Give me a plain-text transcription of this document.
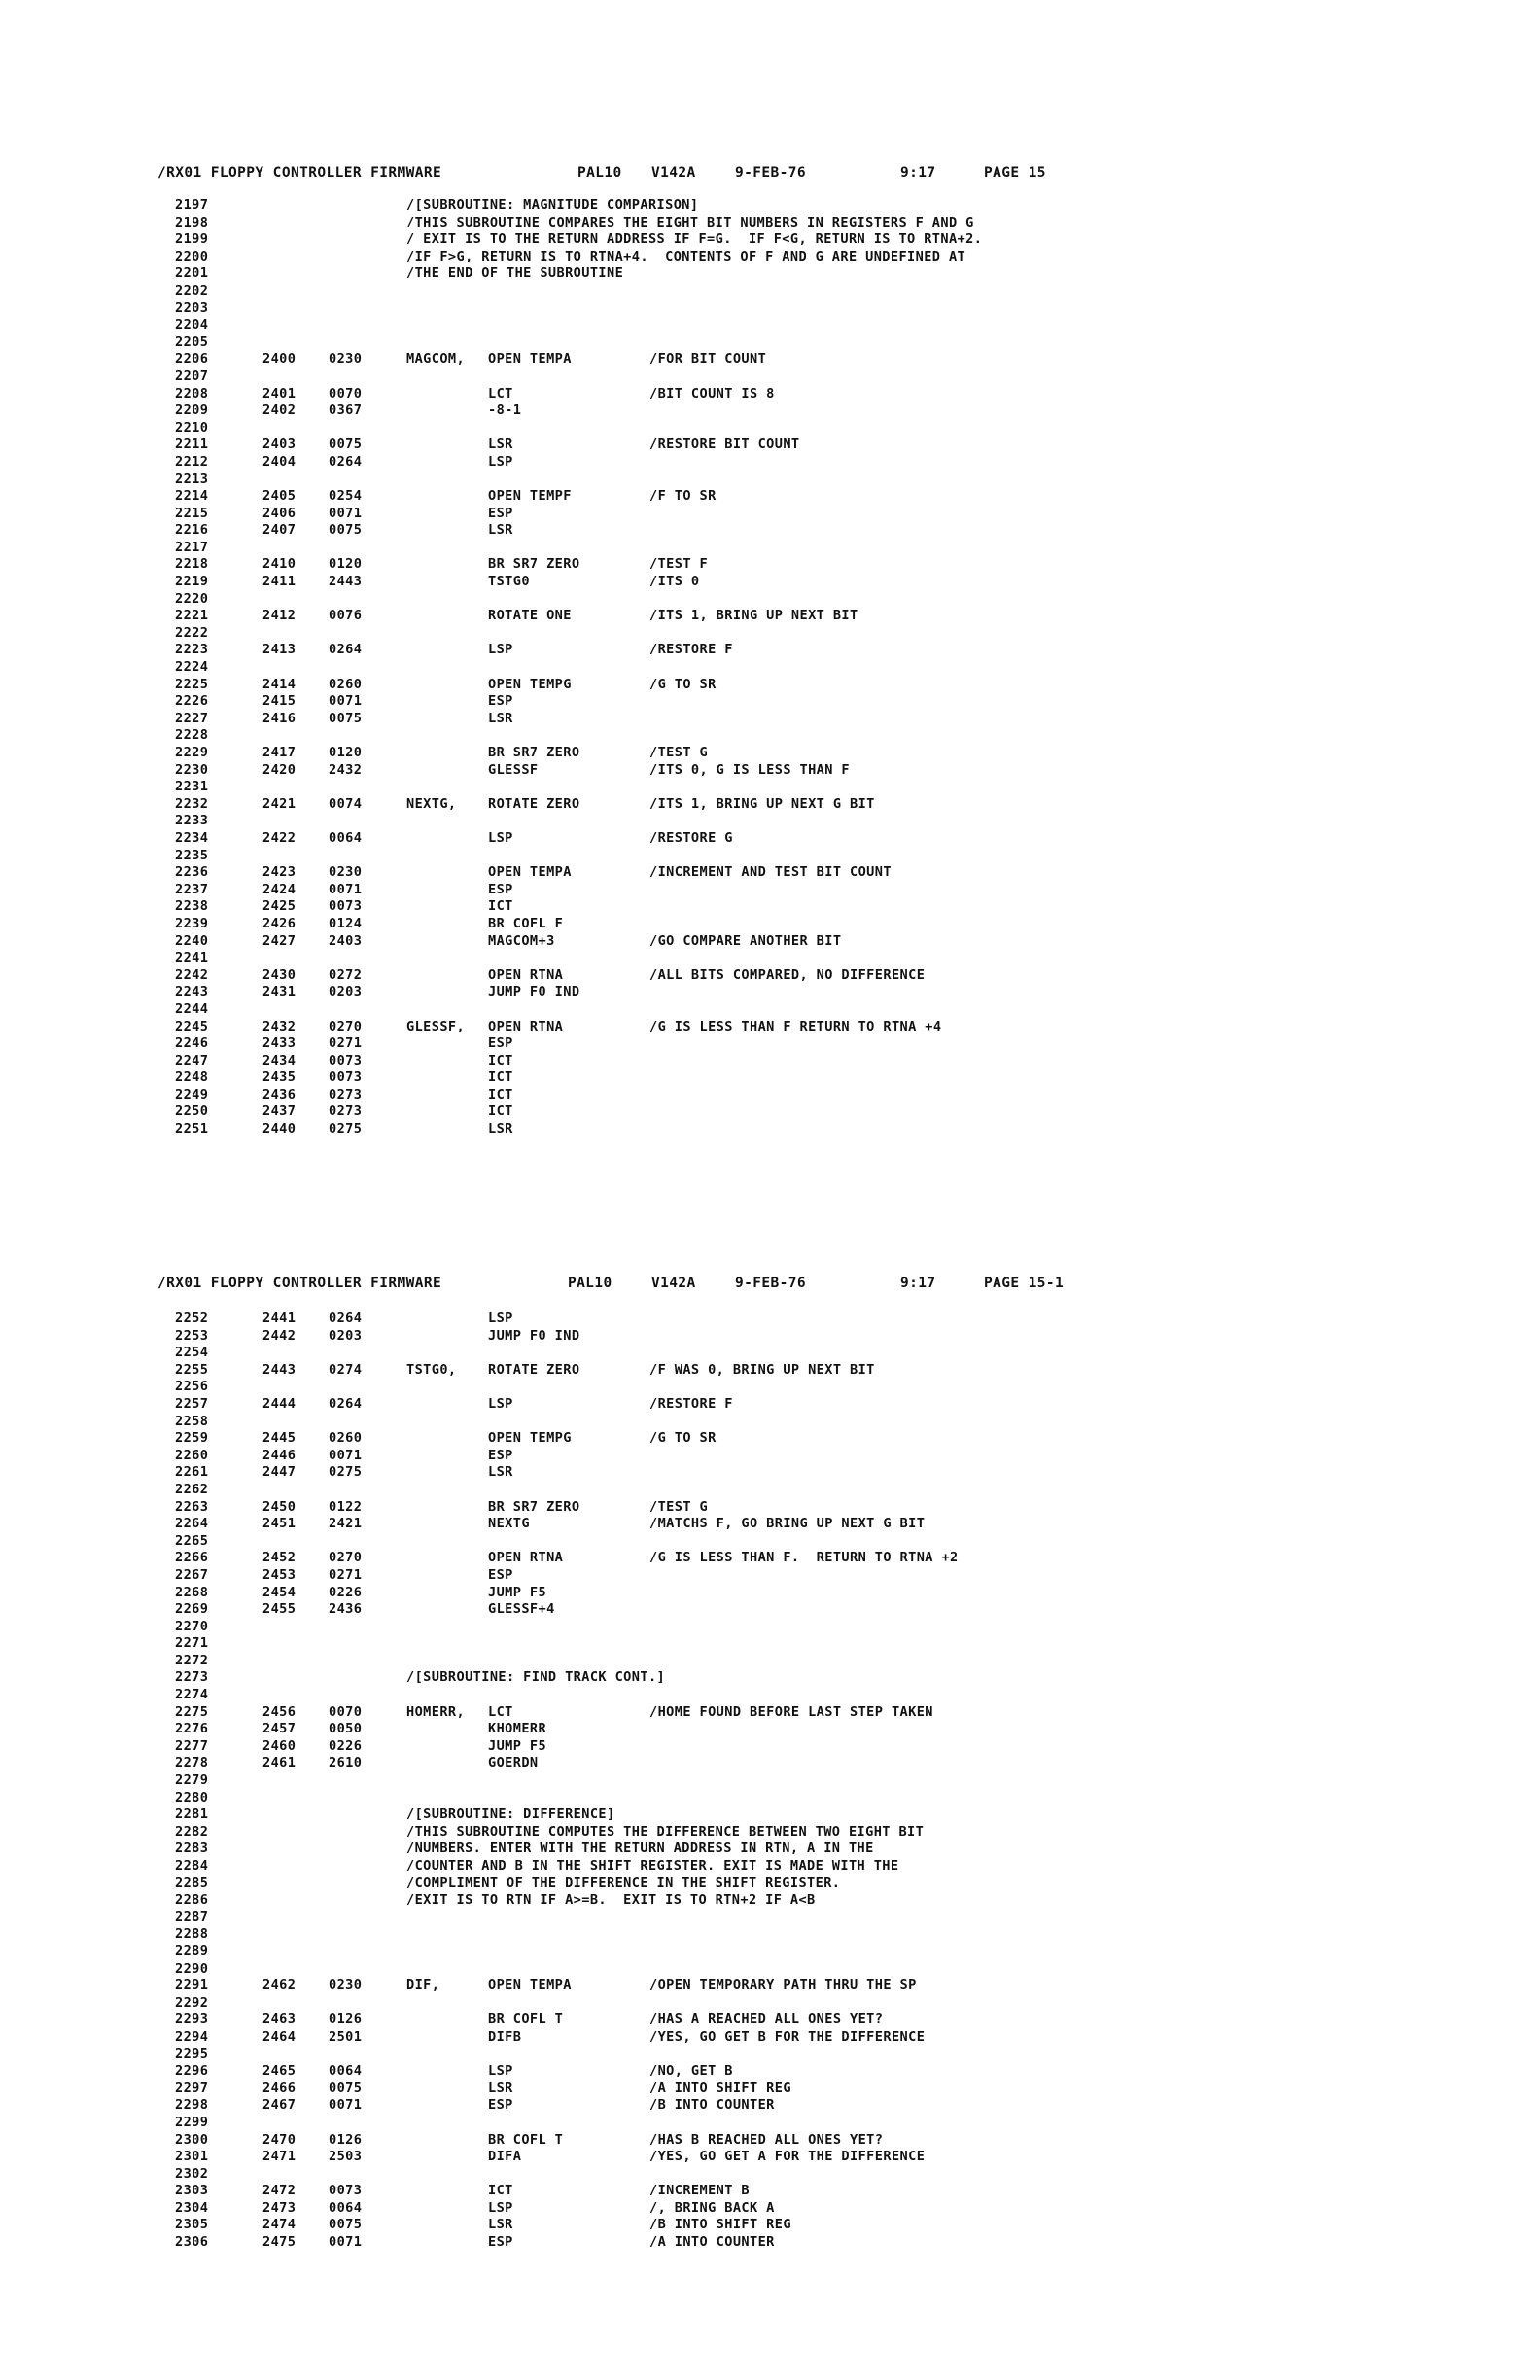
/RX01 FLOPPY CONTROLLER FIRMWARE

	PAL10

V142A

	9-FEB-76

	9:17

	PAGE 15

2197	/[SUBROUTINE: MAGNITUDE COMPARISON]
2198	/THIS SUBROUTINE COMPARES THE EIGHT BIT NUMBERS IN REGISTERS F AND G
2199	/ EXIT IS TO THE RETURN ADDRESS IF F=G.  IF F<G, RETURN IS TO RTNA+2.
2200	/IF F>G, RETURN IS TO RTNA+4.  CONTENTS OF F AND G ARE UNDEFINED AT
2201	/THE END OF THE SUBROUTINE
2202
2203
2204
2205
2206	2400 0230	MAGCOM, OPEN TEMPA	/FOR BIT COUNT
2207
2208	2401 0070	LCT	/BIT COUNT IS 8
2209	2402 0367	-8-1
2210
2211	2403 0075	LSR	/RESTORE BIT COUNT
2212	2404 0264	LSP
2213
2214	2405 0254	OPEN TEMPF	/F TO SR
2215	2406 0071	ESP
2216	2407 0075	LSR
2217
2218	2410 0120	BR SR7 ZERO	/TEST F
2219	2411 2443	TSTG0	/ITS 0
2220
2221	2412 0076	ROTATE ONE	/ITS 1, BRING UP NEXT BIT
2222
2223	2413 0264	LSP	/RESTORE F
2224
2225	2414 0260	OPEN TEMPG	/G TO SR
2226	2415 0071	ESP
2227	2416 0075	LSR
2228
2229	2417 0120	BR SR7 ZERO	/TEST G
2230	2420 2432	GLESSF	/ITS 0, G IS LESS THAN F
2231
2232	2421 0074	NEXTG, ROTATE ZERO	/ITS 1, BRING UP NEXT G BIT
2233
2234	2422 0064	LSP	/RESTORE G
2235
2236	2423 0230	OPEN TEMPA	/INCREMENT AND TEST BIT COUNT
2237	2424 0071	ESP
2238	2425 0073	ICT
2239	2426 0124	BR COFL F
2240	2427 2403	MAGCOM+3	/GO COMPARE ANOTHER BIT
2241
2242	2430 0272	OPEN RTNA	/ALL BITS COMPARED, NO DIFFERENCE
2243	2431 0203	JUMP F0 IND
2244
2245	2432 0270	GLESSF, OPEN RTNA	/G IS LESS THAN F RETURN TO RTNA +4
2246	2433 0271	ESP
2247	2434 0073	ICT
2248	2435 0073	ICT
2249	2436 0273	ICT
2250	2437 0273	ICT
2251	2440 0275	LSR

/RX01 FLOPPY CONTROLLER FIRMWARE

	PAL10

	V142A

	9-FEB-76

	9:17

	PAGE 15-1

2252	2441 0264	LSP
2253	2442 0203	JUMP F0 IND
2254
2255	2443 0274	TSTG0, ROTATE ZERO	/F WAS 0, BRING UP NEXT BIT
2256
2257	2444 0264	LSP	/RESTORE F
2258
2259	2445 0260	OPEN TEMPG	/G TO SR
2260	2446 0071	ESP
2261	2447 0275	LSR
2262
2263	2450 0122	BR SR7 ZERO	/TEST G
2264	2451 2421	NEXTG	/MATCHS F, GO BRING UP NEXT G BIT
2265
2266	2452 0270	OPEN RTNA	/G IS LESS THAN F.  RETURN TO RTNA +2
2267	2453 0271	ESP
2268	2454 0226	JUMP F5
2269	2455 2436	GLESSF+4
2270
2271
2272
2273	/[SUBROUTINE: FIND TRACK CONT.]
2274
2275	2456 0070	HOMERR, LCT	/HOME FOUND BEFORE LAST STEP TAKEN
2276	2457 0050	KHOMERR
2277	2460 0226	JUMP F5
2278	2461 2610	GOERDN
2279
2280
2281	/[SUBROUTINE: DIFFERENCE]
2282	/THIS SUBROUTINE COMPUTES THE DIFFERENCE BETWEEN TWO EIGHT BIT
2283	/NUMBERS. ENTER WITH THE RETURN ADDRESS IN RTN, A IN THE
2284	/COUNTER AND B IN THE SHIFT REGISTER. EXIT IS MADE WITH THE
2285	/COMPLIMENT OF THE DIFFERENCE IN THE SHIFT REGISTER.
2286	/EXIT IS TO RTN IF A>=B.  EXIT IS TO RTN+2 IF A<B
2287
2288
2289
2290
2291	2462 0230	DIF,	OPEN TEMPA	/OPEN TEMPORARY PATH THRU THE SP
2292
2293	2463 0126	BR COFL T	/HAS A REACHED ALL ONES YET?
2294	2464 2501	DIFB	/YES, GO GET B FOR THE DIFFERENCE
2295
2296	2465 0064	LSP	/NO, GET B
2297	2466 0075	LSR	/A INTO SHIFT REG
2298	2467 0071	ESP	/B INTO COUNTER
2299
2300	2470 0126	BR COFL T	/HAS B REACHED ALL ONES YET?
2301	2471 2503	DIFA	/YES, GO GET A FOR THE DIFFERENCE
2302
2303	2472 0073	ICT	/INCREMENT B
2304	2473 0064	LSP	/, BRING BACK A
2305	2474 0075	LSR	/B INTO SHIFT REG
2306	2475 0071	ESP	/A INTO COUNTER
